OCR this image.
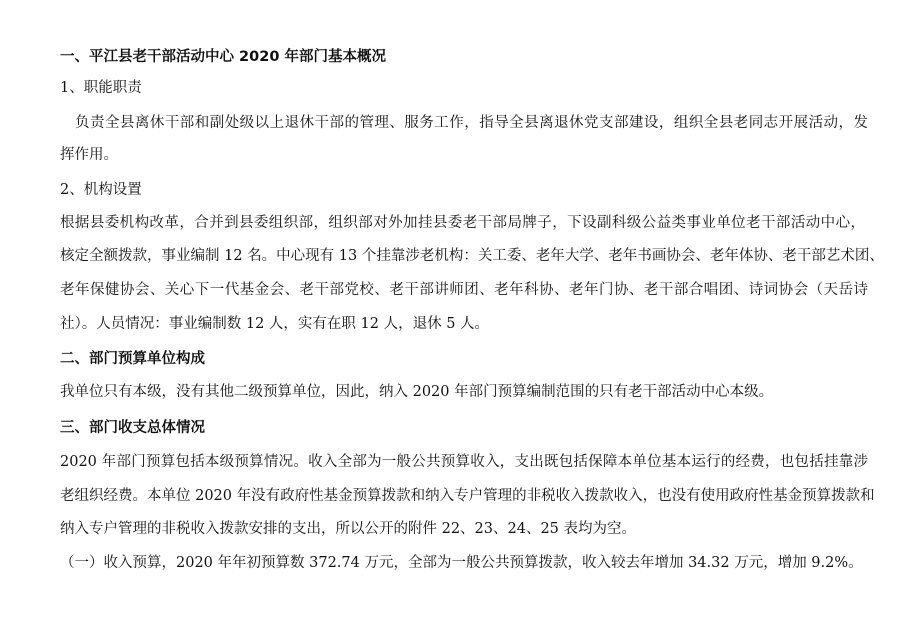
一、平江县老干部活动中心 2020 年部门基本概况
1、职能职责
负责全县离休干部和副处级以上退休干部的管理、服务工作，指导全县离退休党支部建设，组织全县老同志开展活动，发
挥作用。
2、机构设置
根据县委机构改革，合并到县委组织部，组织部对外加挂县委老干部局牌子，下设副科级公益类事业单位老干部活动中心，
核定全额拨款，事业编制 12 名。中心现有 13 个挂靠涉老机构：关工委、老年大学、老年书画协会、老年体协、老干部艺术团、
老年保健协会、关心下一代基金会、老干部党校、老干部讲师团、老年科协、老年门协、老干部合唱团、诗词协会（天岳诗
社）。人员情况：事业编制数 12 人，实有在职 12 人，退休 5 人。
二、部门预算单位构成
我单位只有本级，没有其他二级预算单位，因此，纳入 2020 年部门预算编制范围的只有老干部活动中心本级。
三、部门收支总体情况
2020 年部门预算包括本级预算情况。收入全部为一般公共预算收入，支出既包括保障本单位基本运行的经费，也包括挂靠涉
老组织经费。本单位 2020 年没有政府性基金预算拨款和纳入专户管理的非税收入拨款收入，也没有使用政府性基金预算拨款和
纳入专户管理的非税收入拨款安排的支出，所以公开的附件 22、23、24、25 表均为空。
（一）收入预算，2020 年年初预算数 372.74 万元，全部为一般公共预算拨款，收入较去年增加 34.32 万元，增加 9.2%。
